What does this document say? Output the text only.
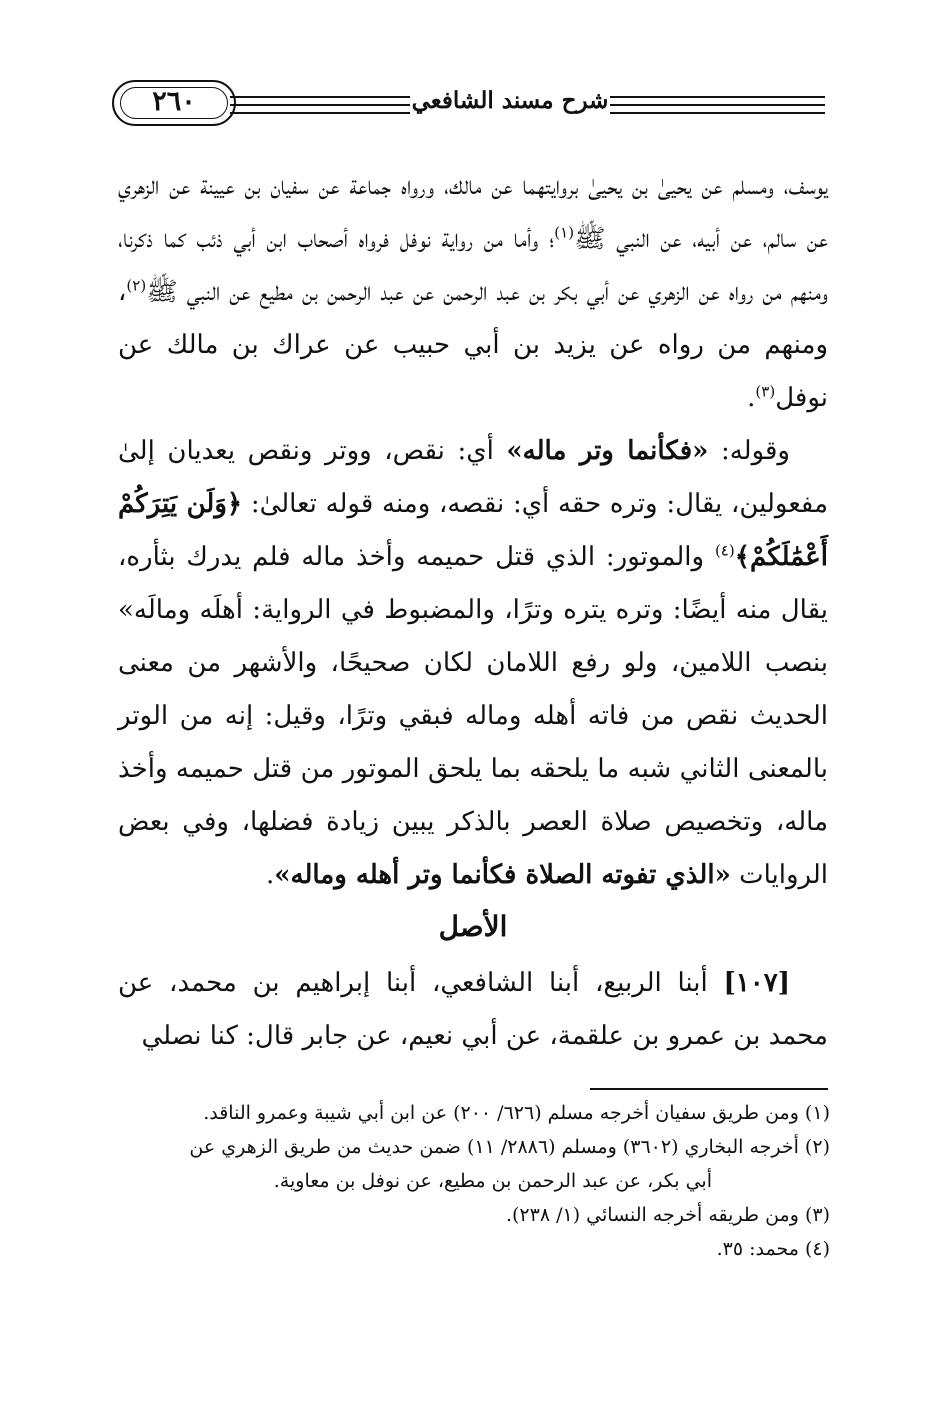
٢٦٠	شرح مسند الشافعي

يوسف، ومسلم عن يحيىٰ بن يحيىٰ بروايتهما عن مالك، ورواه جماعة عن سفيان بن عيينة عن الزهري عن سالم، عن أبيه، عن النبي ﷺ$^{(١)}$؛ وأما من رواية نوفل فرواه أصحاب ابن أبي ذئب كما ذكرنا، ومنهم من رواه عن الزهري عن أبي بكر بن عبد الرحمن عن عبد الرحمن بن مطيع عن النبي ﷺ$^{(٢)}$، ومنهم من رواه عن يزيد بن أبي حبيب عن عراك بن مالك عن نوفل$^{(٣)}$.

وقوله: «فكأنما وتر ماله» أي: نقص، ووتر ونقص يعديان إلىٰ مفعولين، يقال: وتره حقه أي: نقصه، ومنه قوله تعالىٰ: ﴿وَلَن يَتِرَكُمْ أَعْمَٰلَكُمْ﴾$^{(٤)}$ والموتور: الذي قتل حميمه وأخذ ماله فلم يدرك بثأره، يقال منه أيضًا: وتره يتره وترًا، والمضبوط في الرواية: أهلَه ومالَه» بنصب اللامين، ولو رفع اللامان لكان صحيحًا، والأشهر من معنى الحديث نقص من فاته أهله وماله فبقي وترًا، وقيل: إنه من الوتر بالمعنى الثاني شبه ما يلحقه بما يلحق الموتور من قتل حميمه وأخذ ماله، وتخصيص صلاة العصر بالذكر يبين زيادة فضلها، وفي بعض الروايات «الذي تفوته الصلاة فكأنما وتر أهله وماله».

الأصل

[١٠٧] أبنا الربيع، أبنا الشافعي، أبنا إبراهيم بن محمد، عن محمد بن عمرو بن علقمة، عن أبي نعيم، عن جابر قال: كنا نصلي

(١) ومن طريق سفيان أخرجه مسلم (٦٢٦/ ٢٠٠) عن ابن أبي شيبة وعمرو الناقد.

(٢) أخرجه البخاري (٣٦٠٢) ومسلم (٢٨٨٦/ ١١) ضمن حديث من طريق الزهري عن

أبي بكر، عن عبد الرحمن بن مطيع، عن نوفل بن معاوية.

(٣) ومن طريقه أخرجه النسائي (١/ ٢٣٨).

(٤) محمد: ٣٥.
